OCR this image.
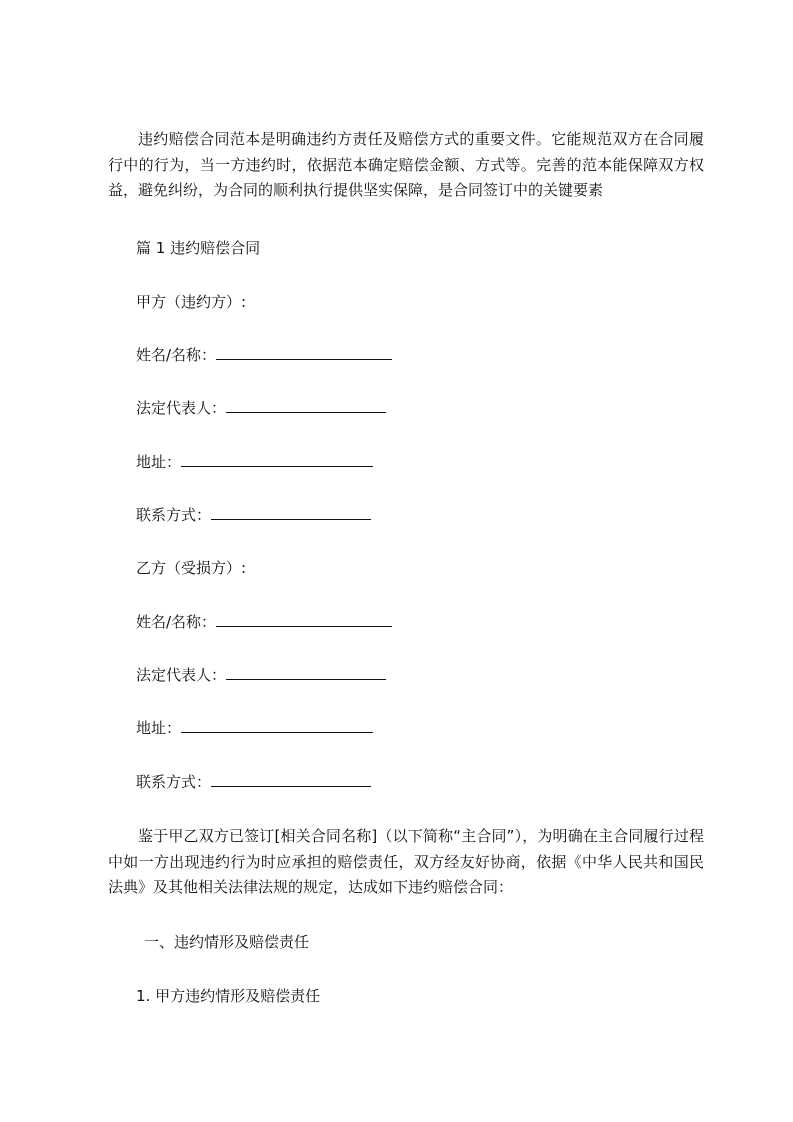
违约赔偿合同范本是明确违约方责任及赔偿方式的重要文件。它能规范双方在合同履行中的行为，当一方违约时，依据范本确定赔偿金额、方式等。完善的范本能保障双方权益，避免纠纷，为合同的顺利执行提供坚实保障，是合同签订中的关键要素
篇 1 违约赔偿合同
甲方（违约方）:
姓名/名称：
法定代表人：
地址：
联系方式：
乙方（受损方）:
姓名/名称：
法定代表人：
地址：
联系方式：
鉴于甲乙双方已签订[相关合同名称]（以下简称“主合同”），为明确在主合同履行过程中如一方出现违约行为时应承担的赔偿责任，双方经友好协商，依据《中华人民共和国民法典》及其他相关法律法规的规定，达成如下违约赔偿合同：
一、违约情形及赔偿责任
1. 甲方违约情形及赔偿责任
